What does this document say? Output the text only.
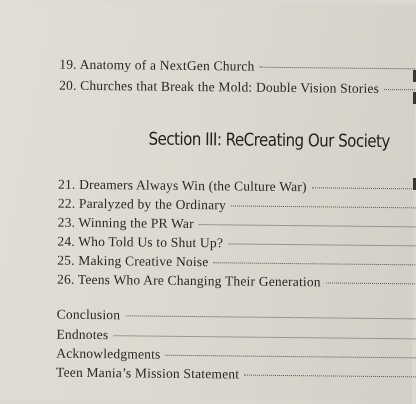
19. Anatomy of a NextGen Church
20. Churches that Break the Mold: Double Vision Stories
Section III: ReCreating Our Society
21. Dreamers Always Win (the Culture War)
22. Paralyzed by the Ordinary
23. Winning the PR War
24. Who Told Us to Shut Up?
25. Making Creative Noise
26. Teens Who Are Changing Their Generation
Conclusion
Endnotes
Acknowledgments
Teen Mania’s Mission Statement
